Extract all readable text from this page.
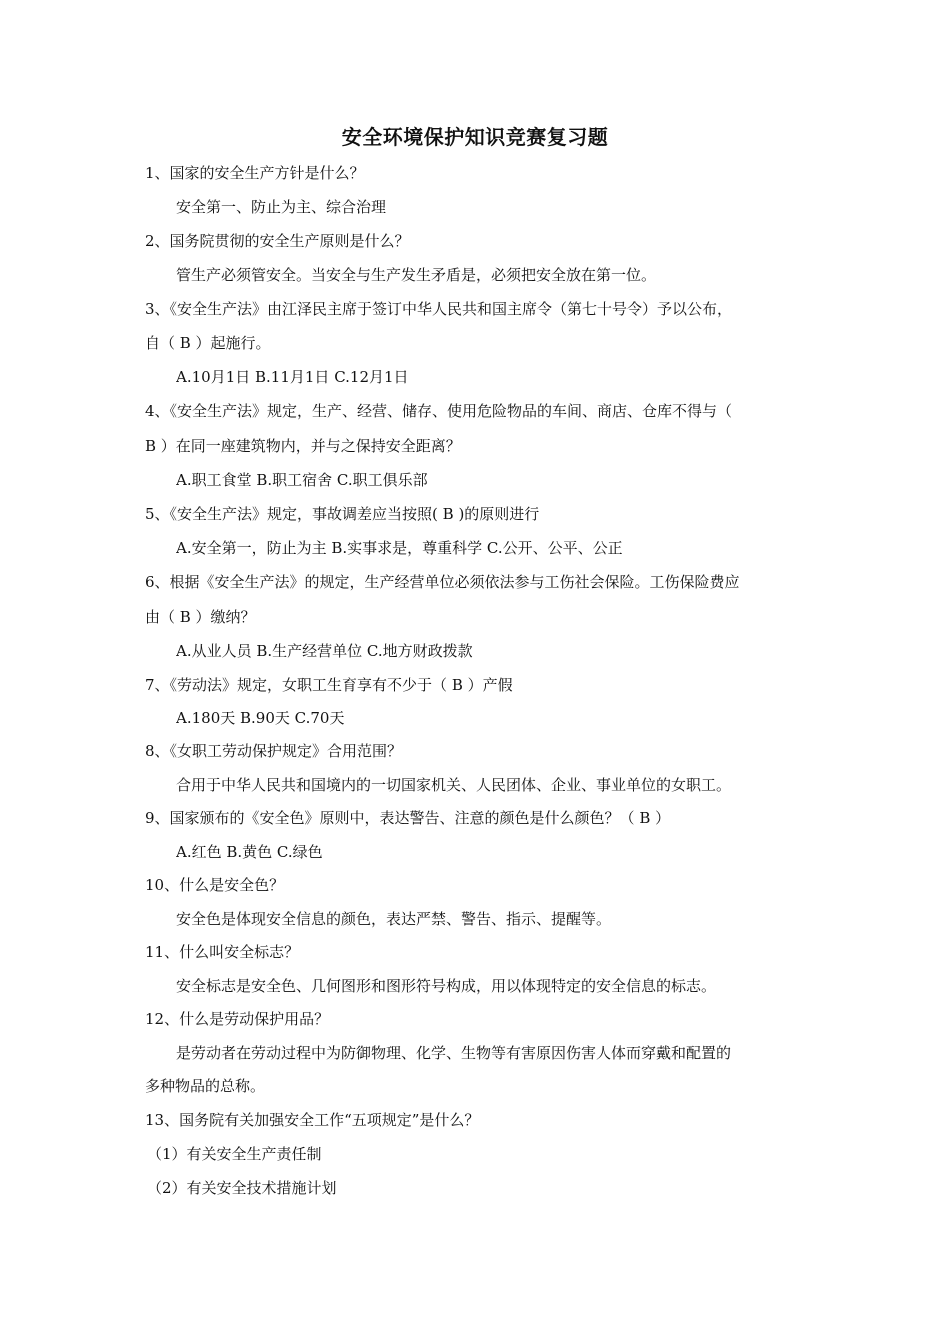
安全环境保护知识竞赛复习题
1、国家的安全生产方针是什么？
安全第一、防止为主、综合治理
2、国务院贯彻的安全生产原则是什么？
管生产必须管安全。当安全与生产发生矛盾是，必须把安全放在第一位。
3、《安全生产法》由江泽民主席于签订中华人民共和国主席令（第七十号令）予以公布，
自（ B ）起施行。
A.10月1日 B.11月1日 C.12月1日
4、《安全生产法》规定，生产、经营、储存、使用危险物品的车间、商店、仓库不得与（
B ）在同一座建筑物内，并与之保持安全距离？
A.职工食堂 B.职工宿舍 C.职工俱乐部
5、《安全生产法》规定，事故调差应当按照( B )的原则进行
A.安全第一，防止为主 B.实事求是，尊重科学 C.公开、公平、公正
6、根据《安全生产法》的规定，生产经营单位必须依法参与工伤社会保险。工伤保险费应
由（ B ）缴纳？
A.从业人员 B.生产经营单位 C.地方财政拨款
7、《劳动法》规定，女职工生育享有不少于（ B ）产假
A.180天 B.90天 C.70天
8、《女职工劳动保护规定》合用范围？
合用于中华人民共和国境内的一切国家机关、人民团体、企业、事业单位的女职工。
9、国家颁布的《安全色》原则中，表达警告、注意的颜色是什么颜色？（ B ）
A.红色 B.黄色 C.绿色
10、什么是安全色？
安全色是体现安全信息的颜色，表达严禁、警告、指示、提醒等。
11、什么叫安全标志？
安全标志是安全色、几何图形和图形符号构成，用以体现特定的安全信息的标志。
12、什么是劳动保护用品？
是劳动者在劳动过程中为防御物理、化学、生物等有害原因伤害人体而穿戴和配置的
多种物品的总称。
13、国务院有关加强安全工作“五项规定”是什么？
（1）有关安全生产责任制
（2）有关安全技术措施计划
